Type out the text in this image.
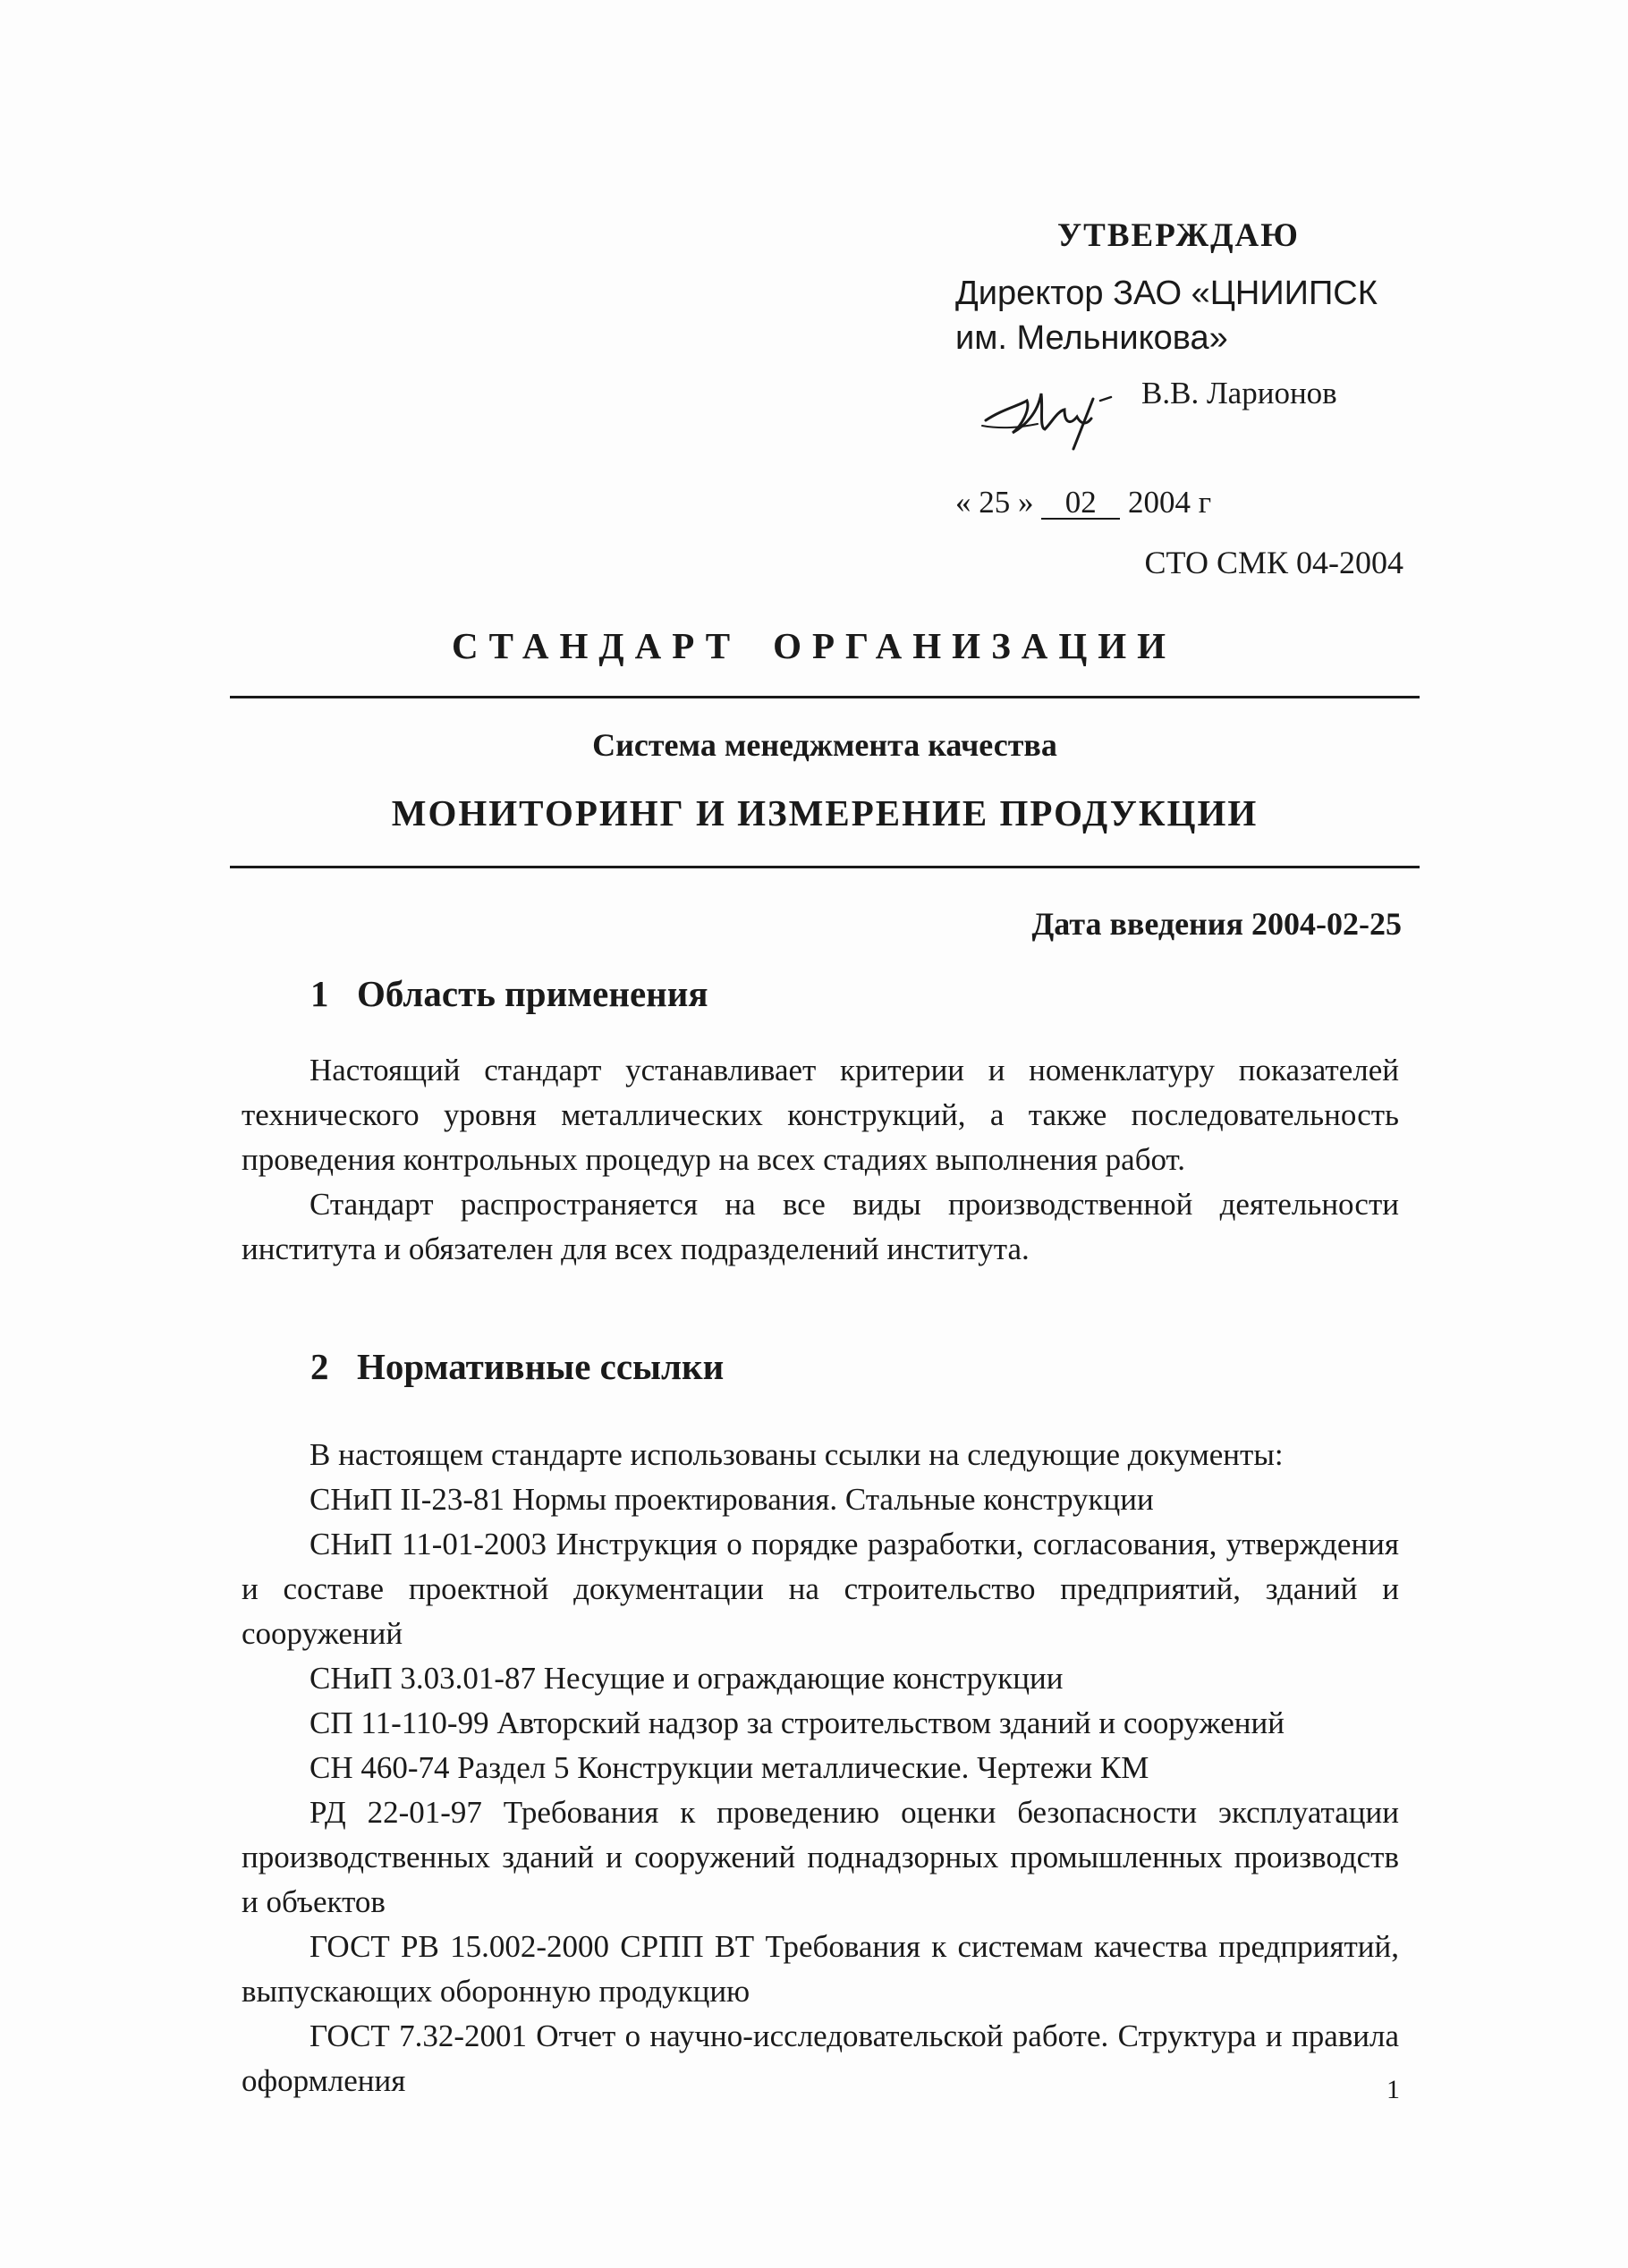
УТВЕРЖДАЮ
Директор ЗАО «ЦНИИПСК
им. Мельникова»
В.В. Ларионов
« 25 » 02 2004 г
СТО СМК 04-2004
СТАНДАРТ ОРГАНИЗАЦИИ
Система менеджмента качества
МОНИТОРИНГ И ИЗМЕРЕНИЕ ПРОДУКЦИИ
Дата введения 2004-02-25
1 Область применения

Настоящий стандарт устанавливает критерии и номенклатуру показателей технического уровня металлических конструкций, а также последовательность проведения контрольных процедур на всех стадиях выполнения работ.

Стандарт распространяется на все виды производственной деятельности института и обязателен для всех подразделений института.

2 Нормативные ссылки

В настоящем стандарте использованы ссылки на следующие документы:

СНиП II-23-81 Нормы проектирования. Стальные конструкции

СНиП 11-01-2003 Инструкция о порядке разработки, согласования, утверждения и составе проектной документации на строительство предприятий, зданий и сооружений

СНиП 3.03.01-87 Несущие и ограждающие конструкции

СП 11-110-99 Авторский надзор за строительством зданий и сооружений

СН 460-74 Раздел 5 Конструкции металлические. Чертежи КМ

РД 22-01-97 Требования к проведению оценки безопасности эксплуатации производственных зданий и сооружений поднадзорных промышленных производств и объектов

ГОСТ РВ 15.002-2000 СРПП ВТ Требования к системам качества предприятий, выпускающих оборонную продукцию

ГОСТ 7.32-2001 Отчет о научно-исследовательской работе. Структура и правила оформления	1
